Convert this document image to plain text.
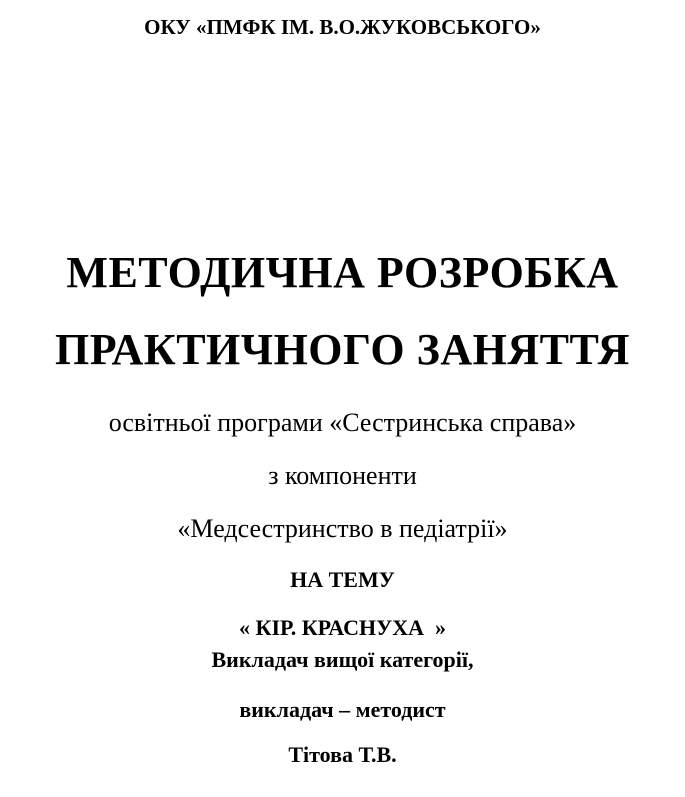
ОКУ «ПМФК ІМ. В.О.ЖУКОВСЬКОГО»

МЕТОДИЧНА РОЗРОБКА

ПРАКТИЧНОГО ЗАНЯТТЯ

освітньої програми «Сестринська справа»

з компоненти

«Медсестринство в педіатрії»

НА ТЕМУ

« КІР. КРАСНУХА  »

Викладач вищої категорії,

викладач – методист

Тітова Т.В.
